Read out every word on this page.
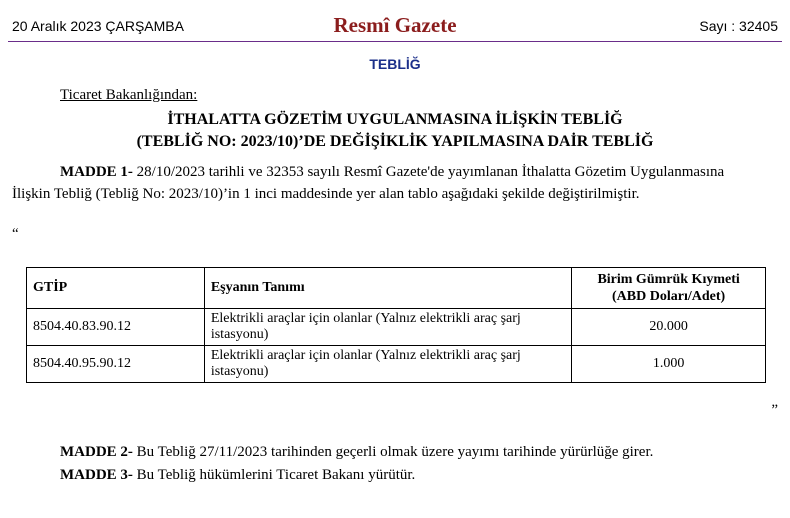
20 Aralık 2023 ÇARŞAMBA	Resmî Gazete	Sayı : 32405
TEBLİĞ
Ticaret Bakanlığından:
İTHALATTA GÖZETİM UYGULANMASINA İLİŞKİN TEBLİĞ
(TEBLİĞ NO: 2023/10)’DE DEĞİŞİKLİK YAPILMASINA DAİR TEBLİĞ
MADDE 1- 28/10/2023 tarihli ve 32353 sayılı Resmî Gazete'de yayımlanan İthalatta Gözetim Uygulanmasına
İlişkin Tebliğ (Tebliğ No: 2023/10)’in 1 inci maddesinde yer alan tablo aşağıdaki şekilde değiştirilmiştir.
“
GTİP	Eşyanın Tanımı	Birim Gümrük Kıymeti
(ABD Doları/Adet)

8504.40.83.90.12	Elektrikli araçlar için olanlar (Yalnız elektrikli araç şarj istasyonu)	20.000
8504.40.95.90.12	Elektrikli araçlar için olanlar (Yalnız elektrikli araç şarj istasyonu)	1.000
”
MADDE 2- Bu Tebliğ 27/11/2023 tarihinden geçerli olmak üzere yayımı tarihinde yürürlüğe girer.
MADDE 3- Bu Tebliğ hükümlerini Ticaret Bakanı yürütür.
